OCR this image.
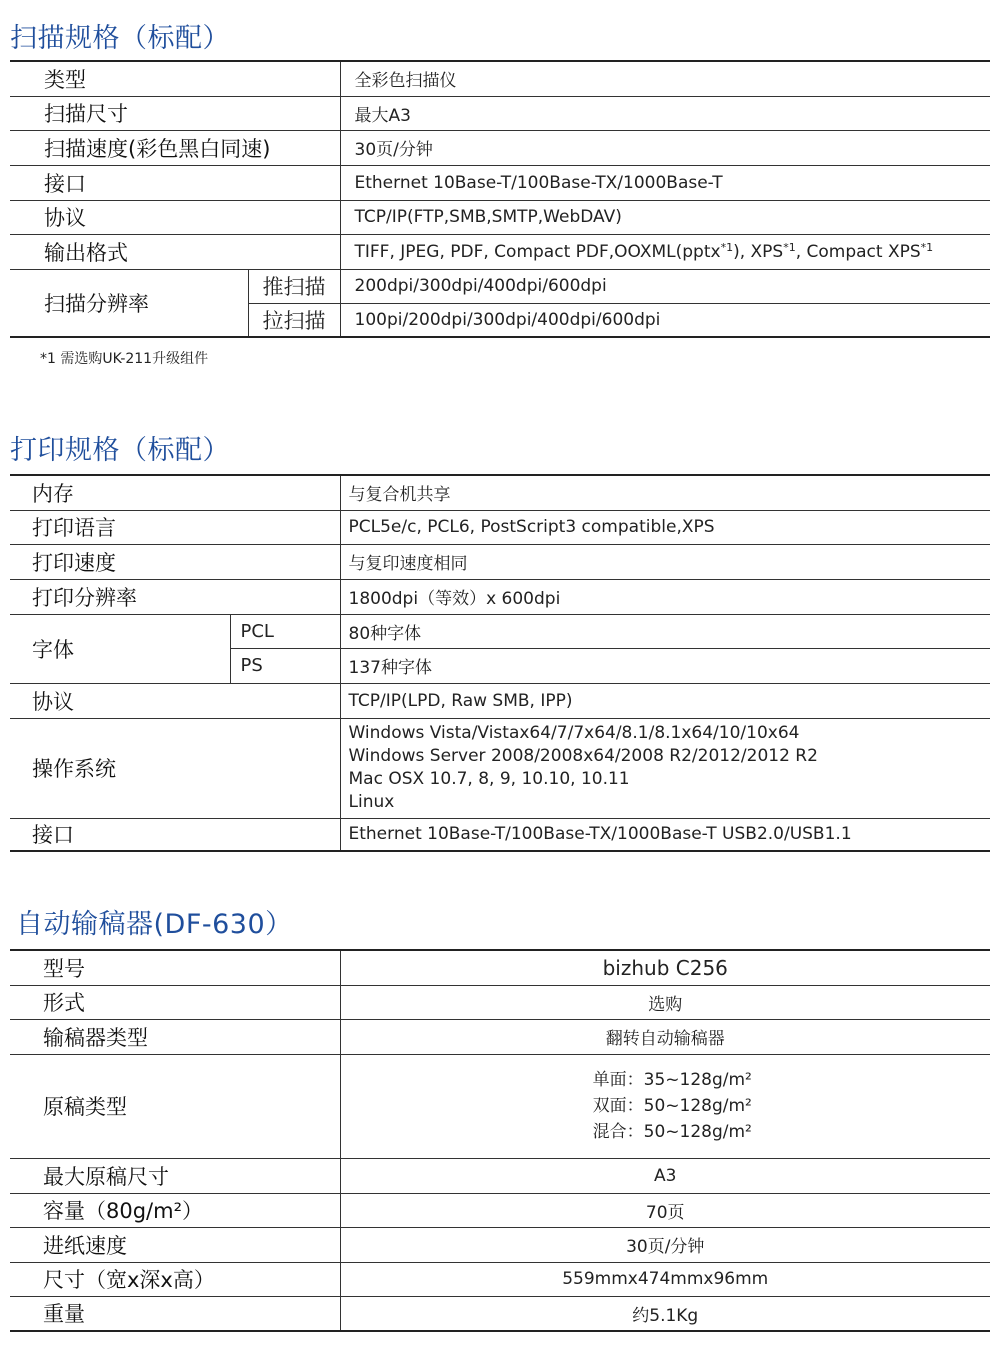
扫描规格（标配）
类型		全彩色扫描仪
扫描尺寸		最大A3
扫描速度(彩色黑白同速)		30页/分钟
接口		Ethernet 10Base-T/100Base-TX/1000Base-T
协议		TCP/IP(FTP,SMB,SMTP,WebDAV)
输出格式		TIFF, JPEG, PDF, Compact PDF,OOXML(pptx$^{*1}$), XPS$^{*1}$, Compact XPS$^{*1}$
扫描分辨率	推扫描	200dpi/300dpi/400dpi/600dpi
	拉扫描	100pi/200dpi/300dpi/400dpi/600dpi
*1 需选购UK-211升级组件
打印规格（标配）
内存		与复合机共享
打印语言		PCL5e/c, PCL6, PostScript3 compatible,XPS
打印速度		与复印速度相同
打印分辨率		1800dpi（等效）x 600dpi
字体	PCL	80种字体
	PS	137种字体
协议		TCP/IP(LPD, Raw SMB, IPP)
操作系统		Windows Vista/Vistax64/7/7x64/8.1/8.1x64/10/10x64
Windows Server 2008/2008x64/2008 R2/2012/2012 R2
Mac OSX 10.7, 8, 9, 10.10, 10.11
Linux

接口		Ethernet 10Base-T/100Base-TX/1000Base-T USB2.0/USB1.1
自动输稿器(DF-630）
型号	bizhub C256
形式	选购
输稿器类型	翻转自动输稿器
原稿类型	单面：35~128g/m²
双面：50~128g/m²
混合：50~128g/m²

最大原稿尺寸	A3
容量（80g/m²）	70页
进纸速度	30页/分钟
尺寸（宽x深x高）	559mmx474mmx96mm
重量	约5.1Kg
